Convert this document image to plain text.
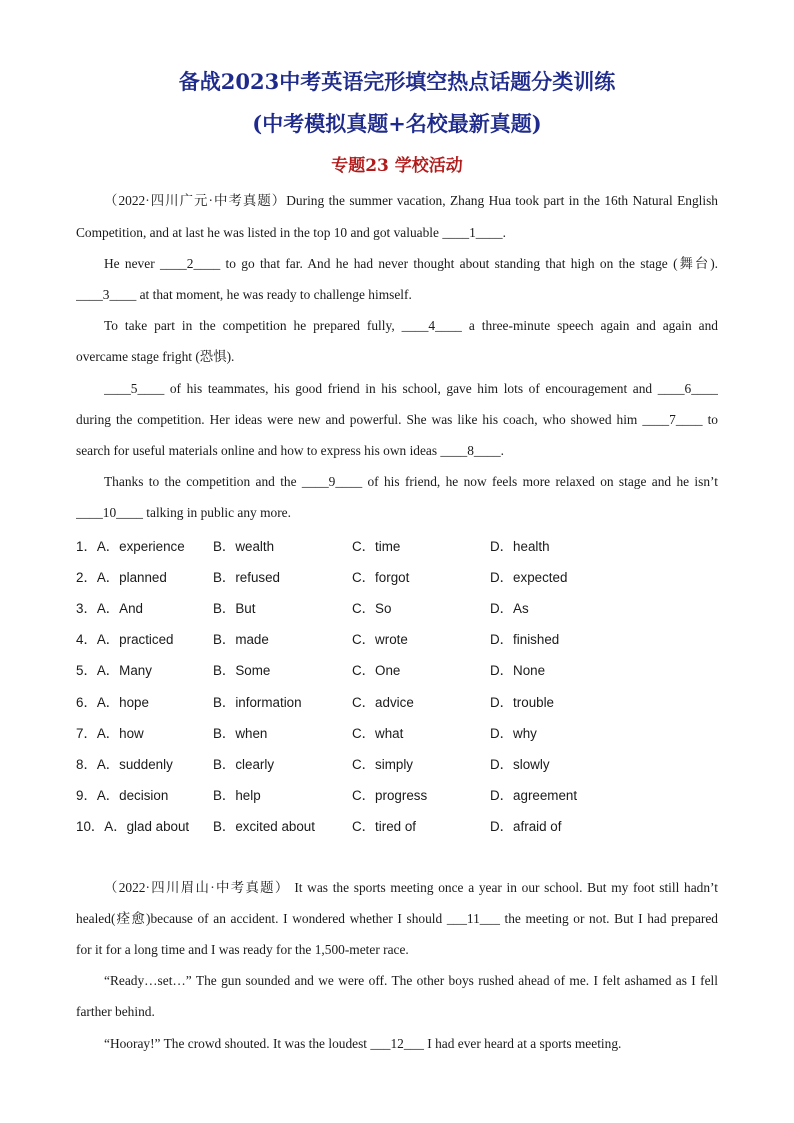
备战2023中考英语完形填空热点话题分类训练
(中考模拟真题+名校最新真题)
专题23 学校活动
（2022·四川广元·中考真题）During the summer vacation, Zhang Hua took part in the 16th Natural English
Competition, and at last he was listed in the top 10 and got valuable ____1____.
He never ____2____ to go that far. And he had never thought about standing that high on the stage (舞台).
____3____ at that moment, he was ready to challenge himself.
To take part in the competition he prepared fully, ____4____ a three-minute speech again and again and
overcame stage fright (恐惧).
____5____ of his teammates, his good friend in his school, gave him lots of encouragement and ____6____
during the competition. Her ideas were new and powerful. She was like his coach, who showed him ____7____ to
search for useful materials online and how to express his own ideas ____8____.
Thanks to the competition and the ____9____ of his friend, he now feels more relaxed on stage and he isn’t
____10____ talking in public any more.
1．A．experience B．wealth	C．time	D．health
2．A．planned	B．refused	C．forgot	D．expected
3．A．And	B．But	C．So	D．As
4．A．practiced	B．made	C．wrote	D．finished
5．A．Many	B．Some	C．One	D．None
6．A．hope	B．information	C．advice	D．trouble
7．A．how	B．when	C．what	D．why
8．A．suddenly	B．clearly	C．simply	D．slowly
9．A．decision	B．help	C．progress	D．agreement
10．A．glad about B．excited about	C．tired of	D．afraid of
（2022·四川眉山·中考真题） It was the sports meeting once a year in our school. But my foot still hadn’t
healed(痊愈)because of an accident. I wondered whether I should ___11___ the meeting or not. But I had prepared
for it for a long time and I was ready for the 1,500-meter race.
“Ready…set…” The gun sounded and we were off. The other boys rushed ahead of me. I felt ashamed as I fell
farther behind.
“Hooray!” The crowd shouted. It was the loudest ___12___ I had ever heard at a sports meeting.
